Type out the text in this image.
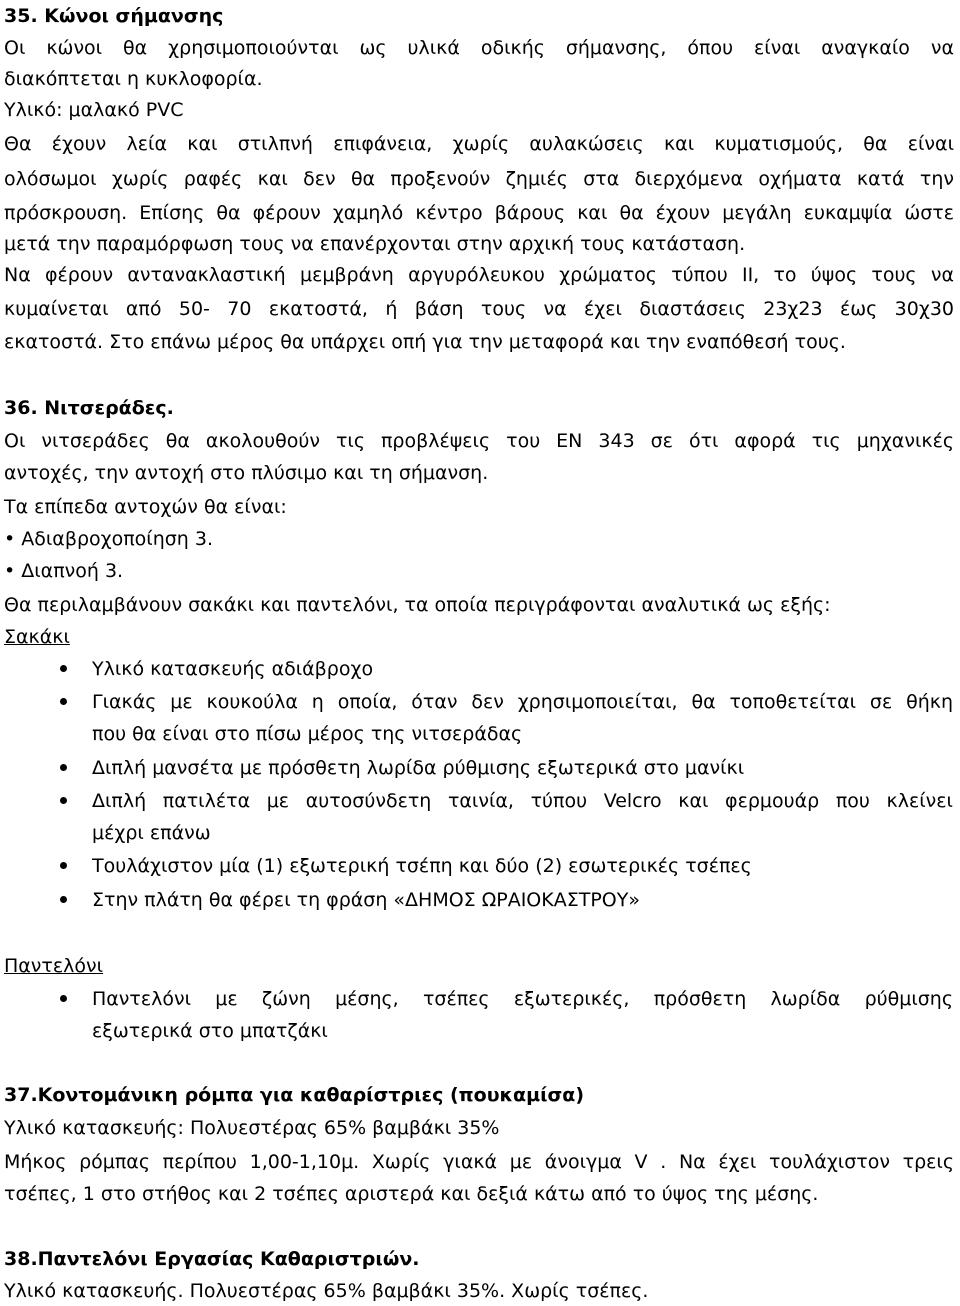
35. Κώνοι σήμανσης
Οι κώνοι θα χρησιμοποιούνται ως υλικά οδικής σήμανσης, όπου είναι αναγκαίο να
διακόπτεται η κυκλοφορία.
Υλικό: μαλακό PVC
Θα έχουν λεία και στιλπνή επιφάνεια, χωρίς αυλακώσεις και κυματισμούς, θα είναι
ολόσωμοι χωρίς ραφές και δεν θα προξενούν ζημιές στα διερχόμενα οχήματα κατά την
πρόσκρουση. Επίσης θα φέρουν χαμηλό κέντρο βάρους και θα έχουν μεγάλη ευκαμψία ώστε
μετά την παραμόρφωση τους να επανέρχονται στην αρχική τους κατάσταση.
Να φέρουν αντανακλαστική μεμβράνη αργυρόλευκου χρώματος τύπου ΙΙ, το ύψος τους να
κυμαίνεται από 50- 70 εκατοστά, ή βάση τους να έχει διαστάσεις 23χ23 έως 30χ30
εκατοστά. Στο επάνω μέρος θα υπάρχει οπή για την μεταφορά και την εναπόθεσή τους.
36. Νιτσεράδες.
Οι νιτσεράδες θα ακολουθούν τις προβλέψεις του EN 343 σε ότι αφορά τις μηχανικές
αντοχές, την αντοχή στο πλύσιμο και τη σήμανση.
Τα επίπεδα αντοχών θα είναι:
• Αδιαβροχοποίηση 3.
• Διαπνοή 3.
Θα περιλαμβάνουν σακάκι και παντελόνι, τα οποία περιγράφονται αναλυτικά ως εξής:
Σακάκι
Υλικό κατασκευής αδιάβροχο
Γιακάς με κουκούλα η οποία, όταν δεν χρησιμοποιείται, θα τοποθετείται σε θήκη
που θα είναι στο πίσω μέρος της νιτσεράδας
Διπλή μανσέτα με πρόσθετη λωρίδα ρύθμισης εξωτερικά στο μανίκι
Διπλή πατιλέτα με αυτοσύνδετη ταινία, τύπου Velcro και φερμουάρ που κλείνει
μέχρι επάνω
Τουλάχιστον μία (1) εξωτερική τσέπη και δύο (2) εσωτερικές τσέπες
Στην πλάτη θα φέρει τη φράση «ΔΗΜΟΣ ΩΡΑΙΟΚΑΣΤΡΟΥ»
Παντελόνι
Παντελόνι με ζώνη μέσης, τσέπες εξωτερικές, πρόσθετη λωρίδα ρύθμισης
εξωτερικά στο μπατζάκι
37.Κοντομάνικη ρόμπα για καθαρίστριες (πουκαμίσα)
Υλικό κατασκευής: Πολυεστέρας 65% βαμβάκι 35%
Μήκος ρόμπας περίπου 1,00-1,10μ. Χωρίς γιακά με άνοιγμα V . Να έχει τουλάχιστον τρεις
τσέπες, 1 στο στήθος και 2 τσέπες αριστερά και δεξιά κάτω από το ύψος της μέσης.
38.Παντελόνι Εργασίας Καθαριστριών.
Υλικό κατασκευής. Πολυεστέρας 65% βαμβάκι 35%. Χωρίς τσέπες.
